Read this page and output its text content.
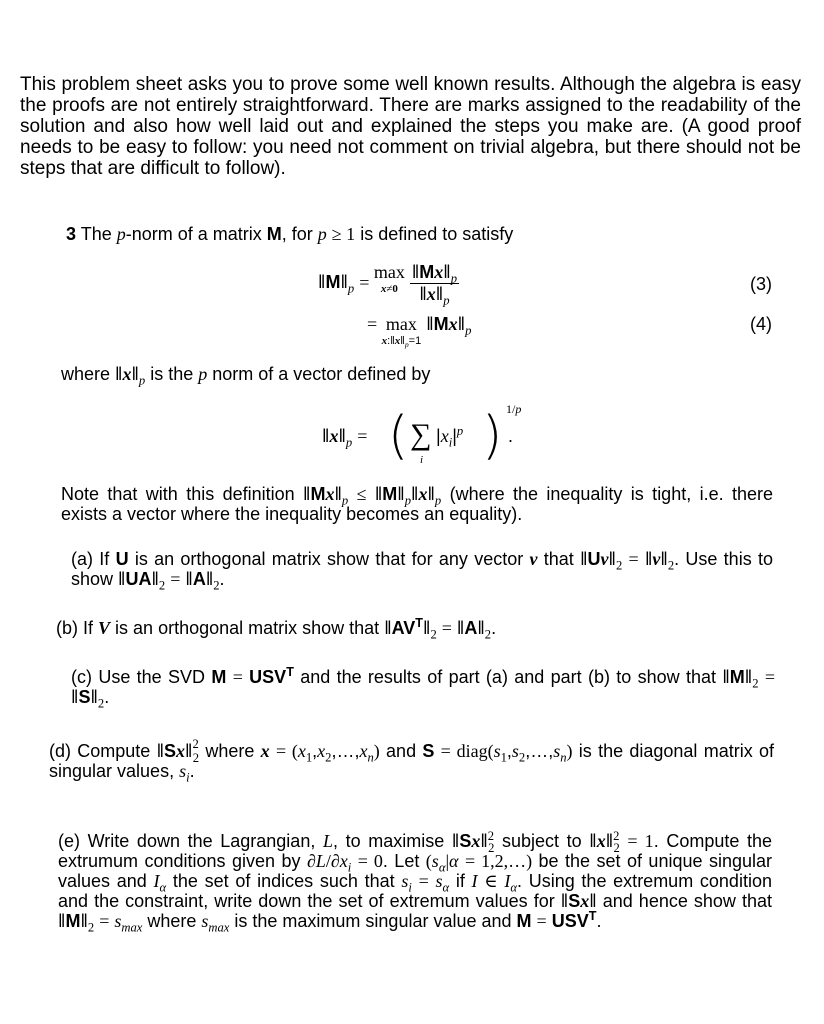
This problem sheet asks you to prove some well known results. Although the algebra is easy the proofs are not entirely straightforward. There are marks assigned to the readability of the solution and also how well laid out and explained the steps you make are. (A good proof needs to be easy to follow: you need not comment on trivial algebra, but there should not be steps that are difficult to follow).
3 The p-norm of a matrix M, for p ≥ 1 is defined to satisfy
$‖M‖_p$ =
max
x≠0
$\frac{‖Mx‖_p}{‖x‖_p}$	(3)
= max
$x:‖x‖_p=1$
$‖Mx‖_p$	(4)
where $‖x‖_p$ is the p norm of a vector defined by
$‖x‖_p$ = ( ∑
i
$|x_i|^p$ ) 1/p
.
Note that with this definition $‖Mx‖_p$ ≤ $‖M‖_p‖x‖_p$ (where the inequality is tight, i.e. there exists a vector where the inequality becomes an equality).
(a) If U is an orthogonal matrix show that for any vector v that $‖Uv‖_2$ = $‖v‖_2$. Use this to show $‖UA‖_2$ = $‖A‖_2$.
(b) If V is an orthogonal matrix show that $‖AV^T‖_2$ = $‖A‖_2$.
(c) Use the SVD $M = USV^T$ and the results of part (a) and part (b) to show that $‖M‖_2$ = $‖S‖_2$.
(d) Compute ‖Sx‖$^2_2$ where $x = (x_1,x_2,\dots,x_n)$ and $S = diag(s_1,s_2,\dots,s_n)$ is the diagonal matrix of singular values, $s_i$.
(e) Write down the Lagrangian, L, to maximise ‖Sx‖$^2_2$ subject to ‖x‖$^2_2$ = 1. Compute the extrumum conditions given by $\partial L/\partial x_i = 0$. Let ($s_\alpha|\alpha$ = 1,2,…) be the set of unique singular values and $I_\alpha$ the set of indices such that $s_i = s_\alpha$ if I ∈ $I_\alpha$. Using the extremum condition and the constraint, write down the set of extremum values for ‖Sx‖ and hence show that $‖M‖_2 = s_{max}$ where $s_{max}$ is the maximum singular value and $M = USV^T$.
